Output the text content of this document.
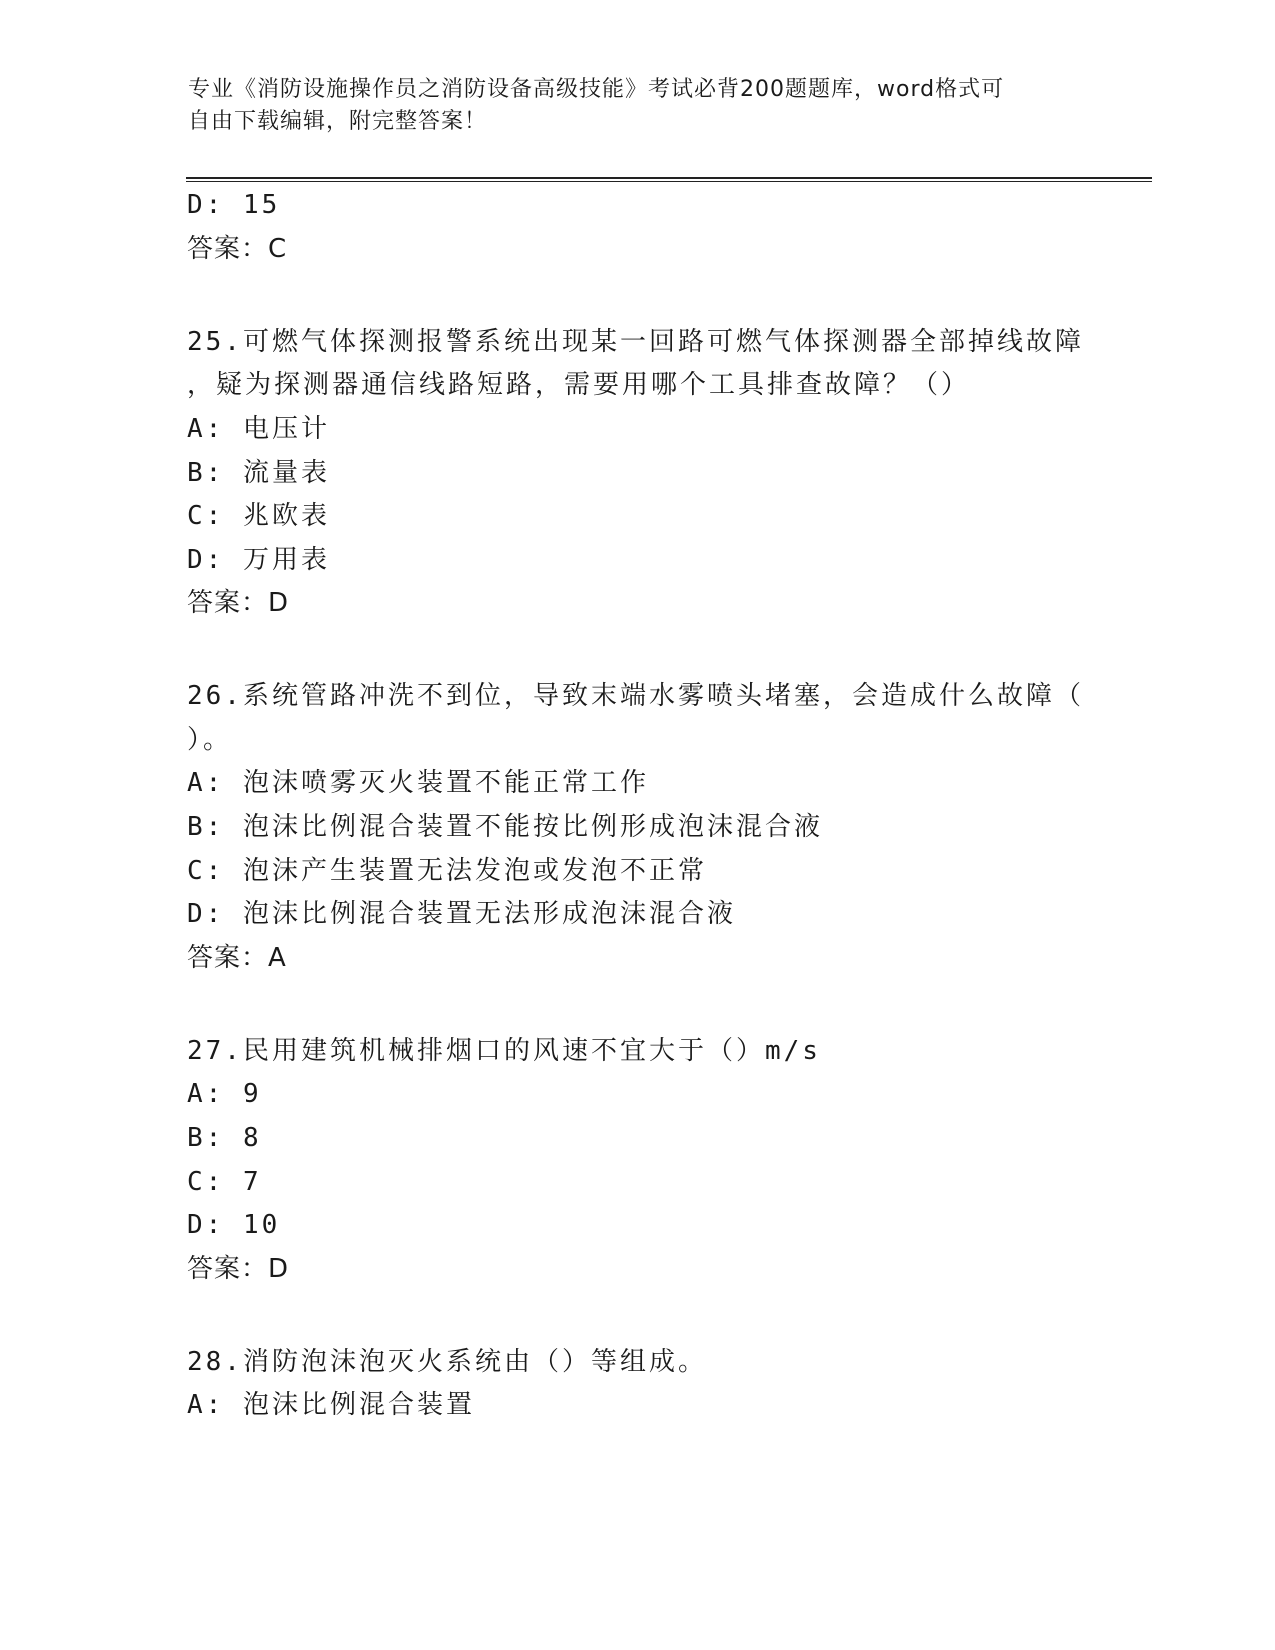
专业《消防设施操作员之消防设备高级技能》考试必背200题题库，word格式可
自由下载编辑，附完整答案！
D: 15
答案：C
25.可燃气体探测报警系统出现某一回路可燃气体探测器全部掉线故障
，疑为探测器通信线路短路，需要用哪个工具排查故障？（）
A: 电压计
B: 流量表
C: 兆欧表
D: 万用表
答案：D
26.系统管路冲洗不到位，导致末端水雾喷头堵塞，会造成什么故障（
）。
A: 泡沫喷雾灭火装置不能正常工作
B: 泡沫比例混合装置不能按比例形成泡沫混合液
C: 泡沫产生装置无法发泡或发泡不正常
D: 泡沫比例混合装置无法形成泡沫混合液
答案：A
27.民用建筑机械排烟口的风速不宜大于（）m/s
A: 9
B: 8
C: 7
D: 10
答案：D
28.消防泡沫泡灭火系统由（）等组成。
A: 泡沫比例混合装置
